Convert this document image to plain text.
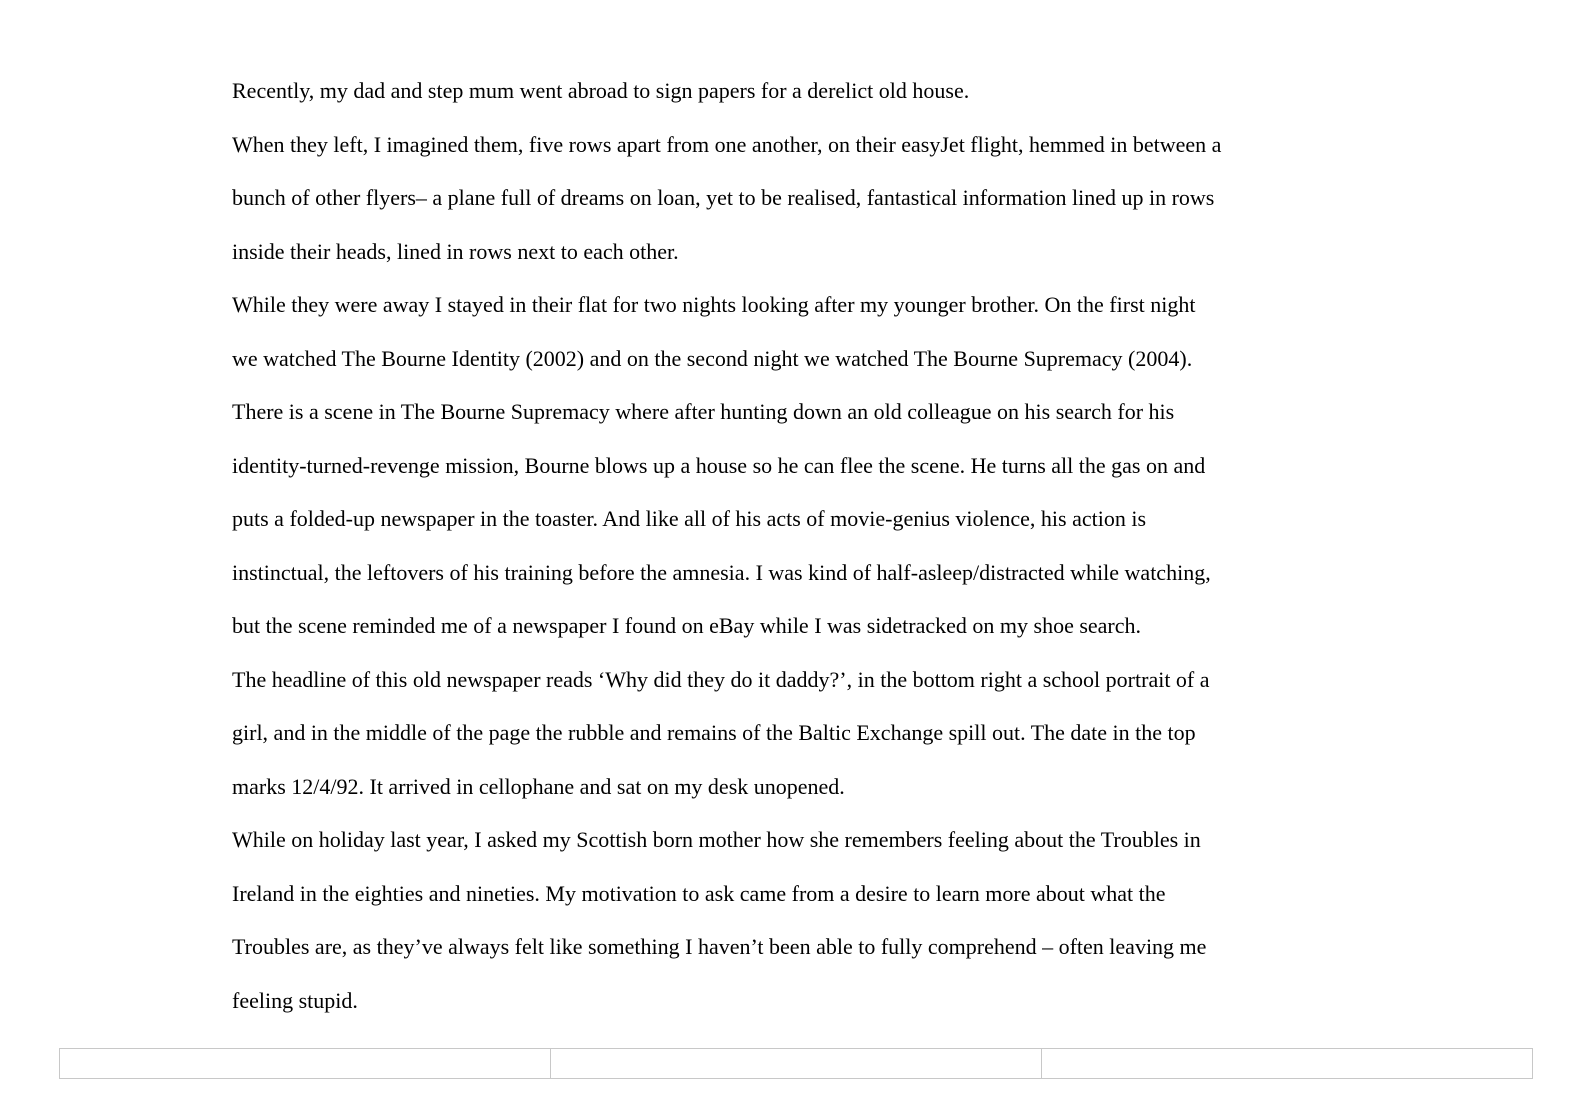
Recently, my dad and step mum went abroad to sign papers for a derelict old house.
When they left, I imagined them, five rows apart from one another, on their easyJet flight, hemmed in between a
bunch of other flyers– a plane full of dreams on loan, yet to be realised, fantastical information lined up in rows
inside their heads, lined in rows next to each other.
While they were away I stayed in their flat for two nights looking after my younger brother. On the first night
we watched The Bourne Identity (2002) and on the second night we watched The Bourne Supremacy (2004).
There is a scene in The Bourne Supremacy where after hunting down an old colleague on his search for his
identity-turned-revenge mission, Bourne blows up a house so he can flee the scene. He turns all the gas on and
puts a folded-up newspaper in the toaster. And like all of his acts of movie-genius violence, his action is
instinctual, the leftovers of his training before the amnesia. I was kind of half-asleep/distracted while watching,
but the scene reminded me of a newspaper I found on eBay while I was sidetracked on my shoe search.
The headline of this old newspaper reads ‘Why did they do it daddy?’, in the bottom right a school portrait of a
girl, and in the middle of the page the rubble and remains of the Baltic Exchange spill out. The date in the top
marks 12/4/92. It arrived in cellophane and sat on my desk unopened.
While on holiday last year, I asked my Scottish born mother how she remembers feeling about the Troubles in
Ireland in the eighties and nineties. My motivation to ask came from a desire to learn more about what the
Troubles are, as they’ve always felt like something I haven’t been able to fully comprehend – often leaving me
feeling stupid.
